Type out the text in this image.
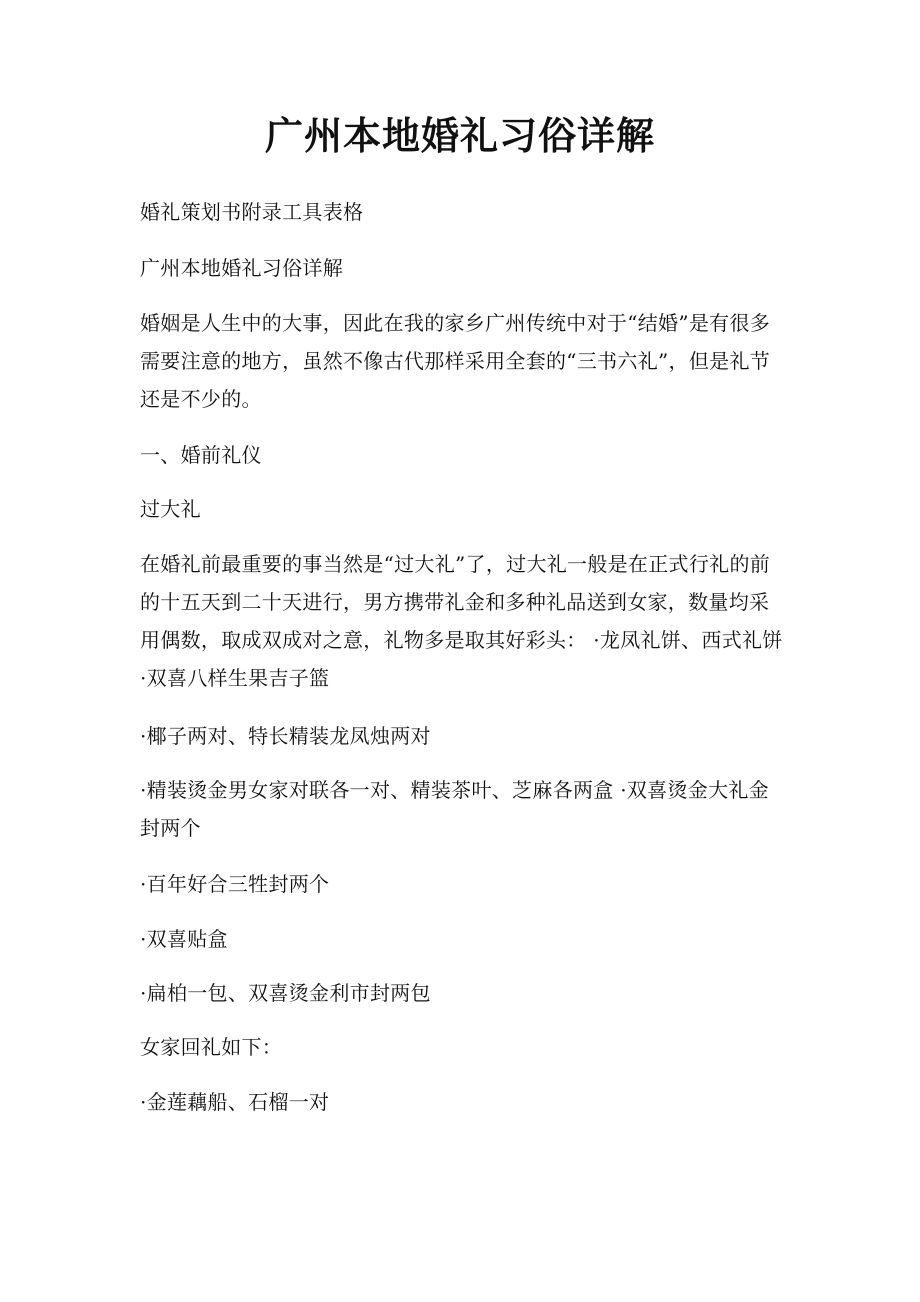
广州本地婚礼习俗详解

婚礼策划书附录工具表格

广州本地婚礼习俗详解

婚姻是人生中的大事，因此在我的家乡广州传统中对于“结婚”是有很多需要注意的地方，虽然不像古代那样采用全套的“三书六礼”，但是礼节还是不少的。

一、婚前礼仪

过大礼

在婚礼前最重要的事当然是“过大礼”了，过大礼一般是在正式行礼的前的十五天到二十天进行，男方携带礼金和多种礼品送到女家，数量均采用偶数，取成双成对之意，礼物多是取其好彩头： ·龙凤礼饼、西式礼饼 ·双喜八样生果吉子篮

·椰子两对、特长精装龙凤烛两对

·精装烫金男女家对联各一对、精装茶叶、芝麻各两盒 ·双喜烫金大礼金封两个

·百年好合三牲封两个

·双喜贴盒

·扁柏一包、双喜烫金利市封两包

女家回礼如下：

·金莲藕船、石榴一对
